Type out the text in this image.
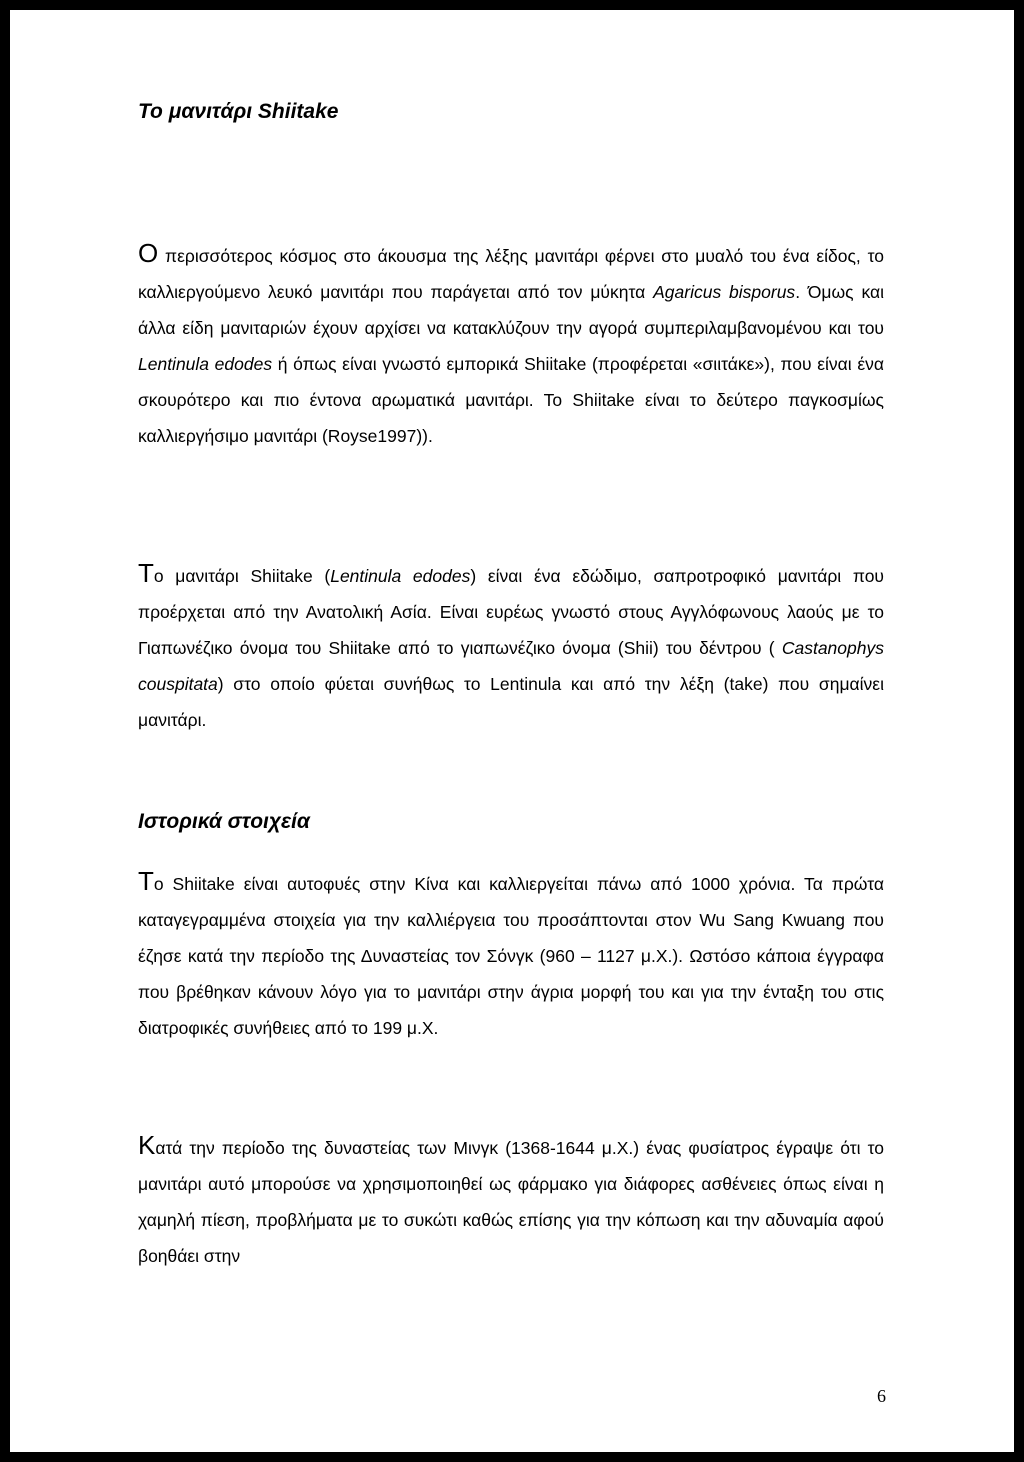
Το μανιτάρι Shiitake

Ο περισσότερος κόσμος στο άκουσμα της λέξης μανιτάρι φέρνει στο μυαλό του ένα είδος, το καλλιεργούμενο λευκό μανιτάρι που παράγεται από τον μύκητα Agaricus bisporus. Όμως και άλλα είδη μανιταριών έχουν αρχίσει να κατακλύζουν την αγορά συμπεριλαμβανομένου και του Lentinula edodes ή όπως είναι γνωστό εμπορικά Shiitake (προφέρεται «σιιτάκε»), που είναι ένα σκουρότερο και πιο έντονα αρωματικά μανιτάρι. Το Shiitake είναι το δεύτερο παγκοσμίως καλλιεργήσιμο μανιτάρι (Royse1997)).

Το μανιτάρι Shiitake (Lentinula edodes) είναι ένα εδώδιμο, σαπροτροφικό μανιτάρι που προέρχεται από την Ανατολική Ασία. Είναι ευρέως γνωστό στους Αγγλόφωνους λαούς με το Γιαπωνέζικο όνομα του Shiitake από το γιαπωνέζικο όνομα (Shii) του δέντρου ( Castanophys couspitata) στο οποίο φύεται συνήθως το Lentinula και από την λέξη (take) που σημαίνει μανιτάρι.

Ιστορικά στοιχεία

Το Shiitake είναι αυτοφυές στην Κίνα και καλλιεργείται πάνω από 1000 χρόνια. Τα πρώτα καταγεγραμμένα στοιχεία για την καλλιέργεια του προσάπτονται στον Wu Sang Kwuang που έζησε κατά την περίοδο της Δυναστείας τον Σόνγκ (960 – 1127 μ.Χ.). Ωστόσο κάποια έγγραφα που βρέθηκαν κάνουν λόγο για το μανιτάρι στην άγρια μορφή του και για την ένταξη του στις διατροφικές συνήθειες από το 199 μ.Χ.

Κατά την περίοδο της δυναστείας των Μινγκ (1368-1644 μ.Χ.) ένας φυσίατρος έγραψε ότι το μανιτάρι αυτό μπορούσε να χρησιμοποιηθεί ως φάρμακο για διάφορες ασθένειες όπως είναι η χαμηλή πίεση, προβλήματα με το συκώτι καθώς επίσης για την κόπωση και την αδυναμία αφού βοηθάει στην

6
